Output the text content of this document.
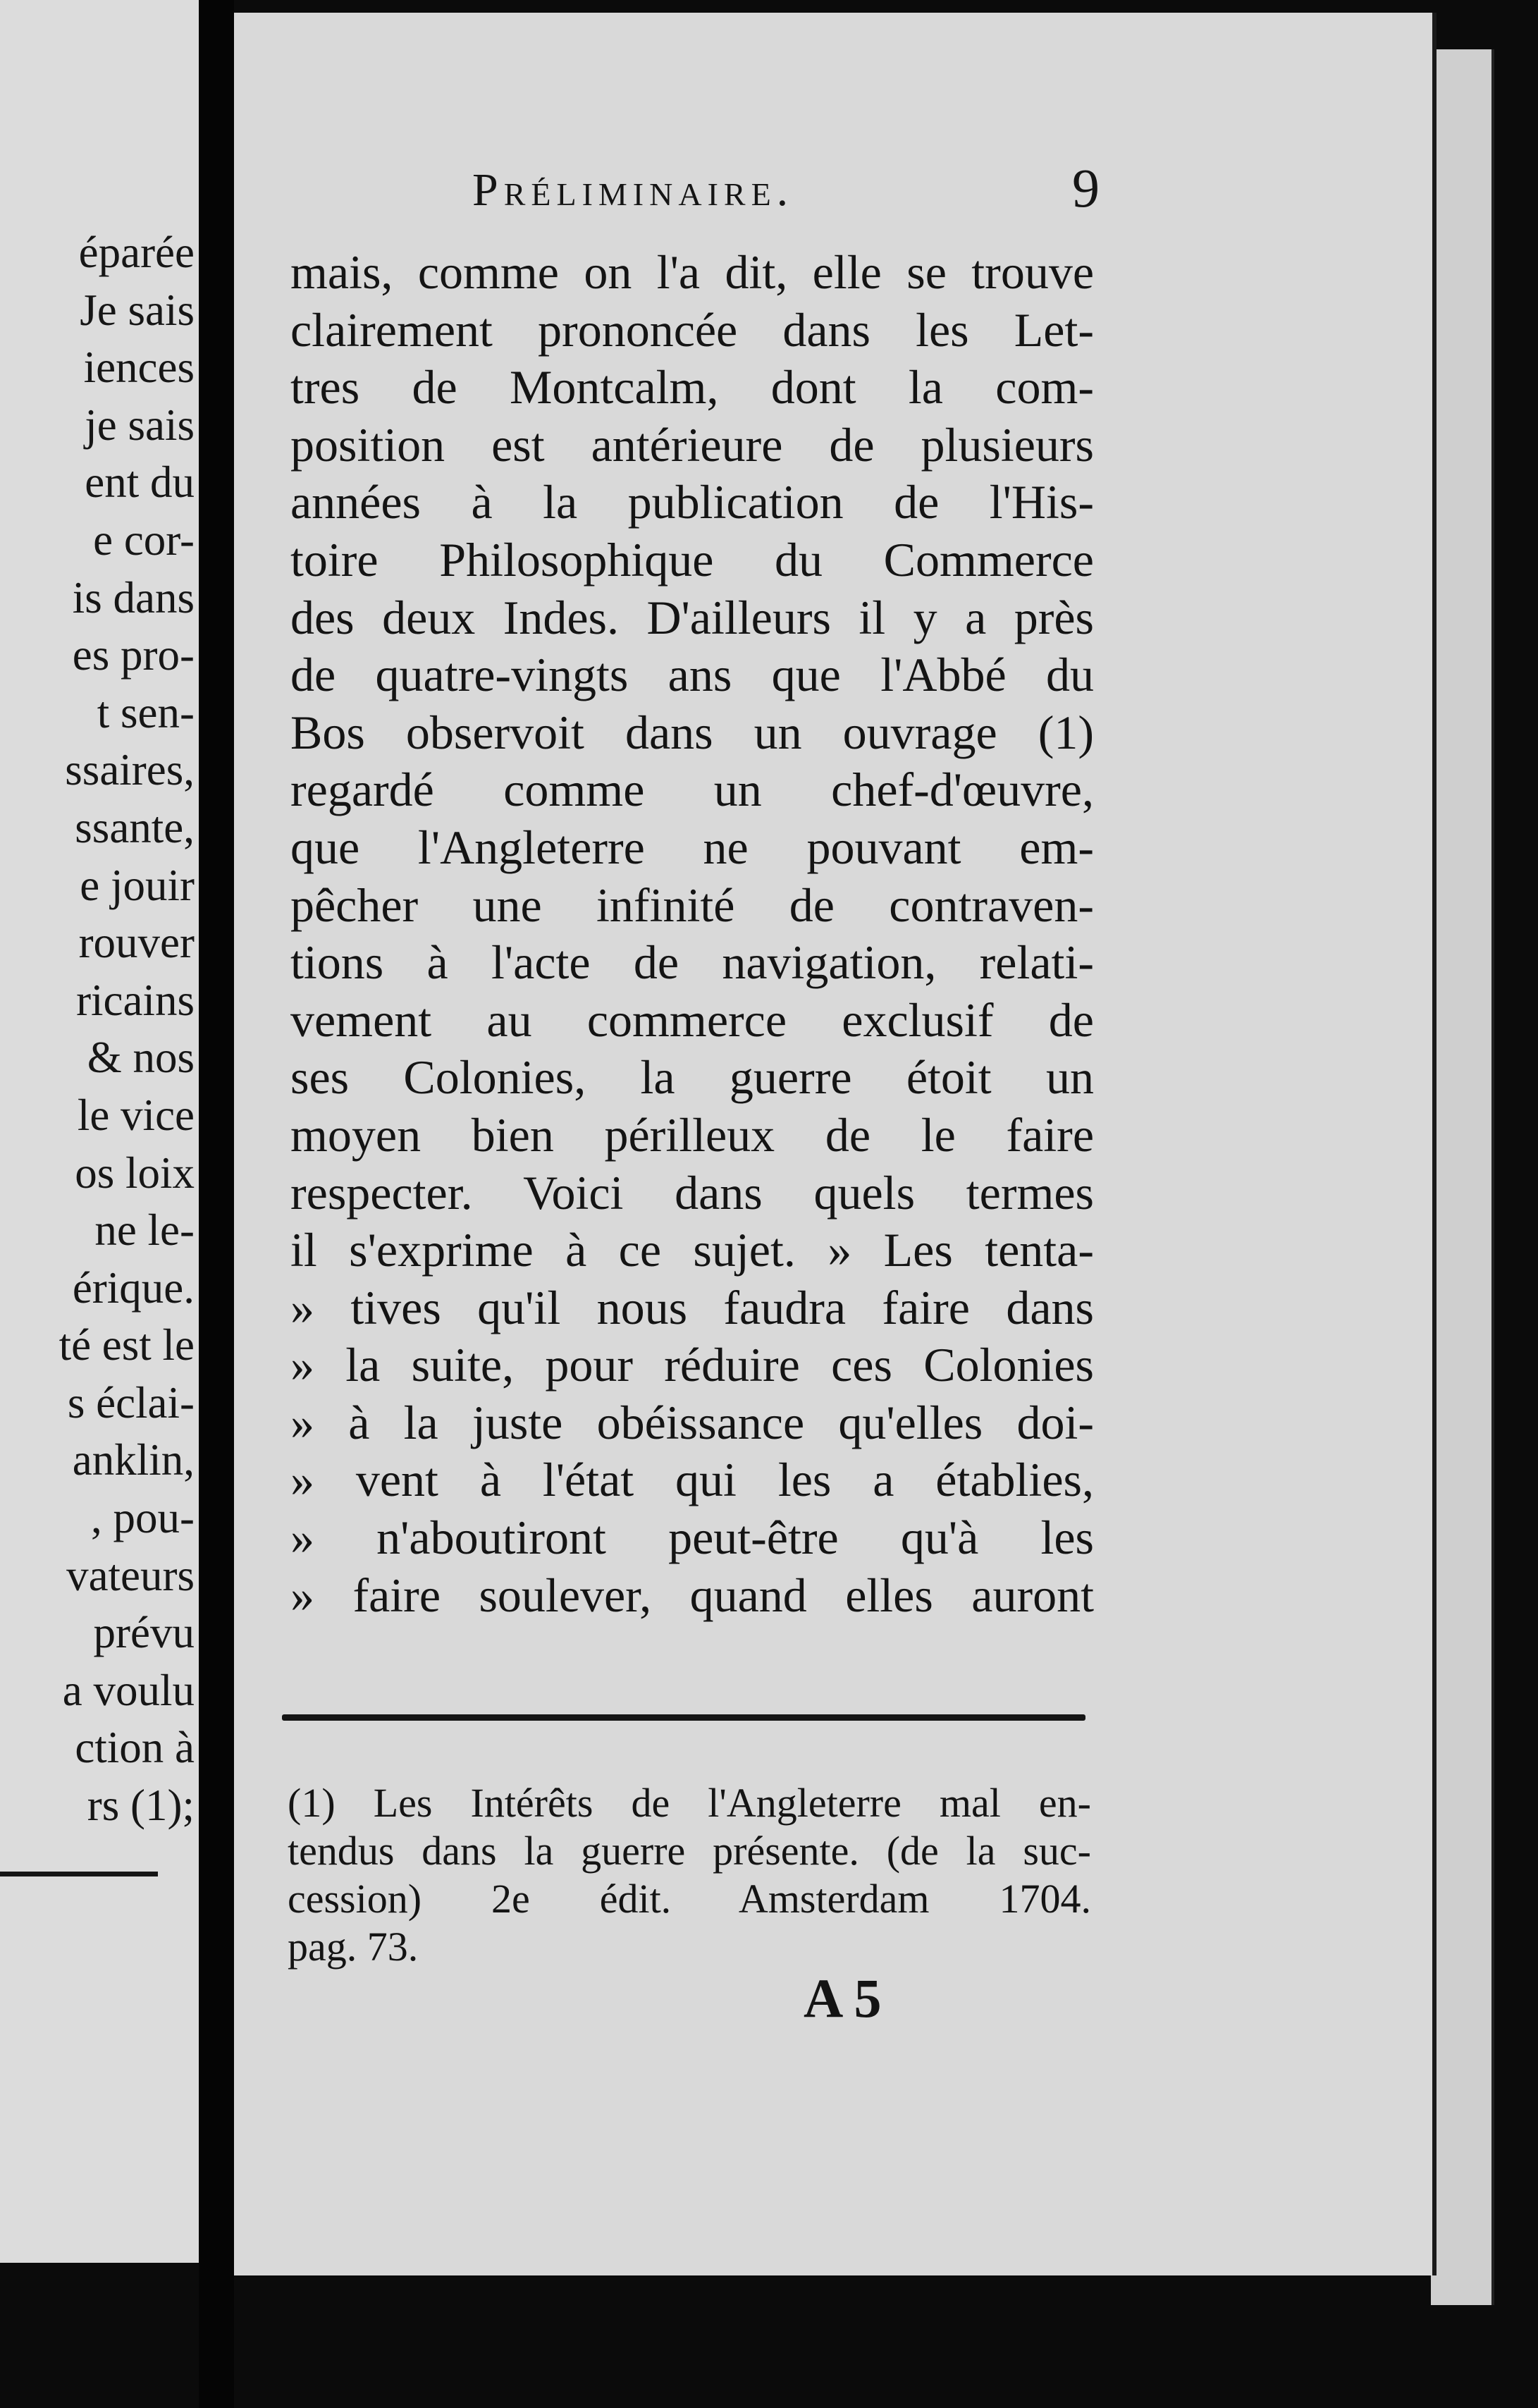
éparée
Je sais
iences
je sais
ent du
e cor-
is dans
es pro-
t sen-
ssaires,
ssante,
e jouir
rouver
ricains
& nos
le vice
os loix
ne le-
érique.
té est le
s éclai-
anklin,
, pou-
vateurs
prévu
a voulu
ction à
rs (1);
Préliminaire.	9
mais, comme on l'a dit, elle se trouve
clairement prononcée dans les Let-
tres de Montcalm, dont la com-
position est antérieure de plusieurs
années à la publication de l'His-
toire Philosophique du Commerce
des deux Indes. D'ailleurs il y a près
de quatre-vingts ans que l'Abbé du
Bos observoit dans un ouvrage (1)
regardé comme un chef-d'œuvre,
que l'Angleterre ne pouvant em-
pêcher une infinité de contraven-
tions à l'acte de navigation, relati-
vement au commerce exclusif de
ses Colonies, la guerre étoit un
moyen bien périlleux de le faire
respecter. Voici dans quels termes
il s'exprime à ce sujet. » Les tenta-
» tives qu'il nous faudra faire dans
» la suite, pour réduire ces Colonies
» à la juste obéissance qu'elles doi-
» vent à l'état qui les a établies,
» n'aboutiront peut-être qu'à les
» faire soulever, quand elles auront
(1) Les Intérêts de l'Angleterre mal en-
tendus dans la guerre présente. (de la suc-
cession) 2e édit. Amsterdam 1704.
pag. 73.
A 5
